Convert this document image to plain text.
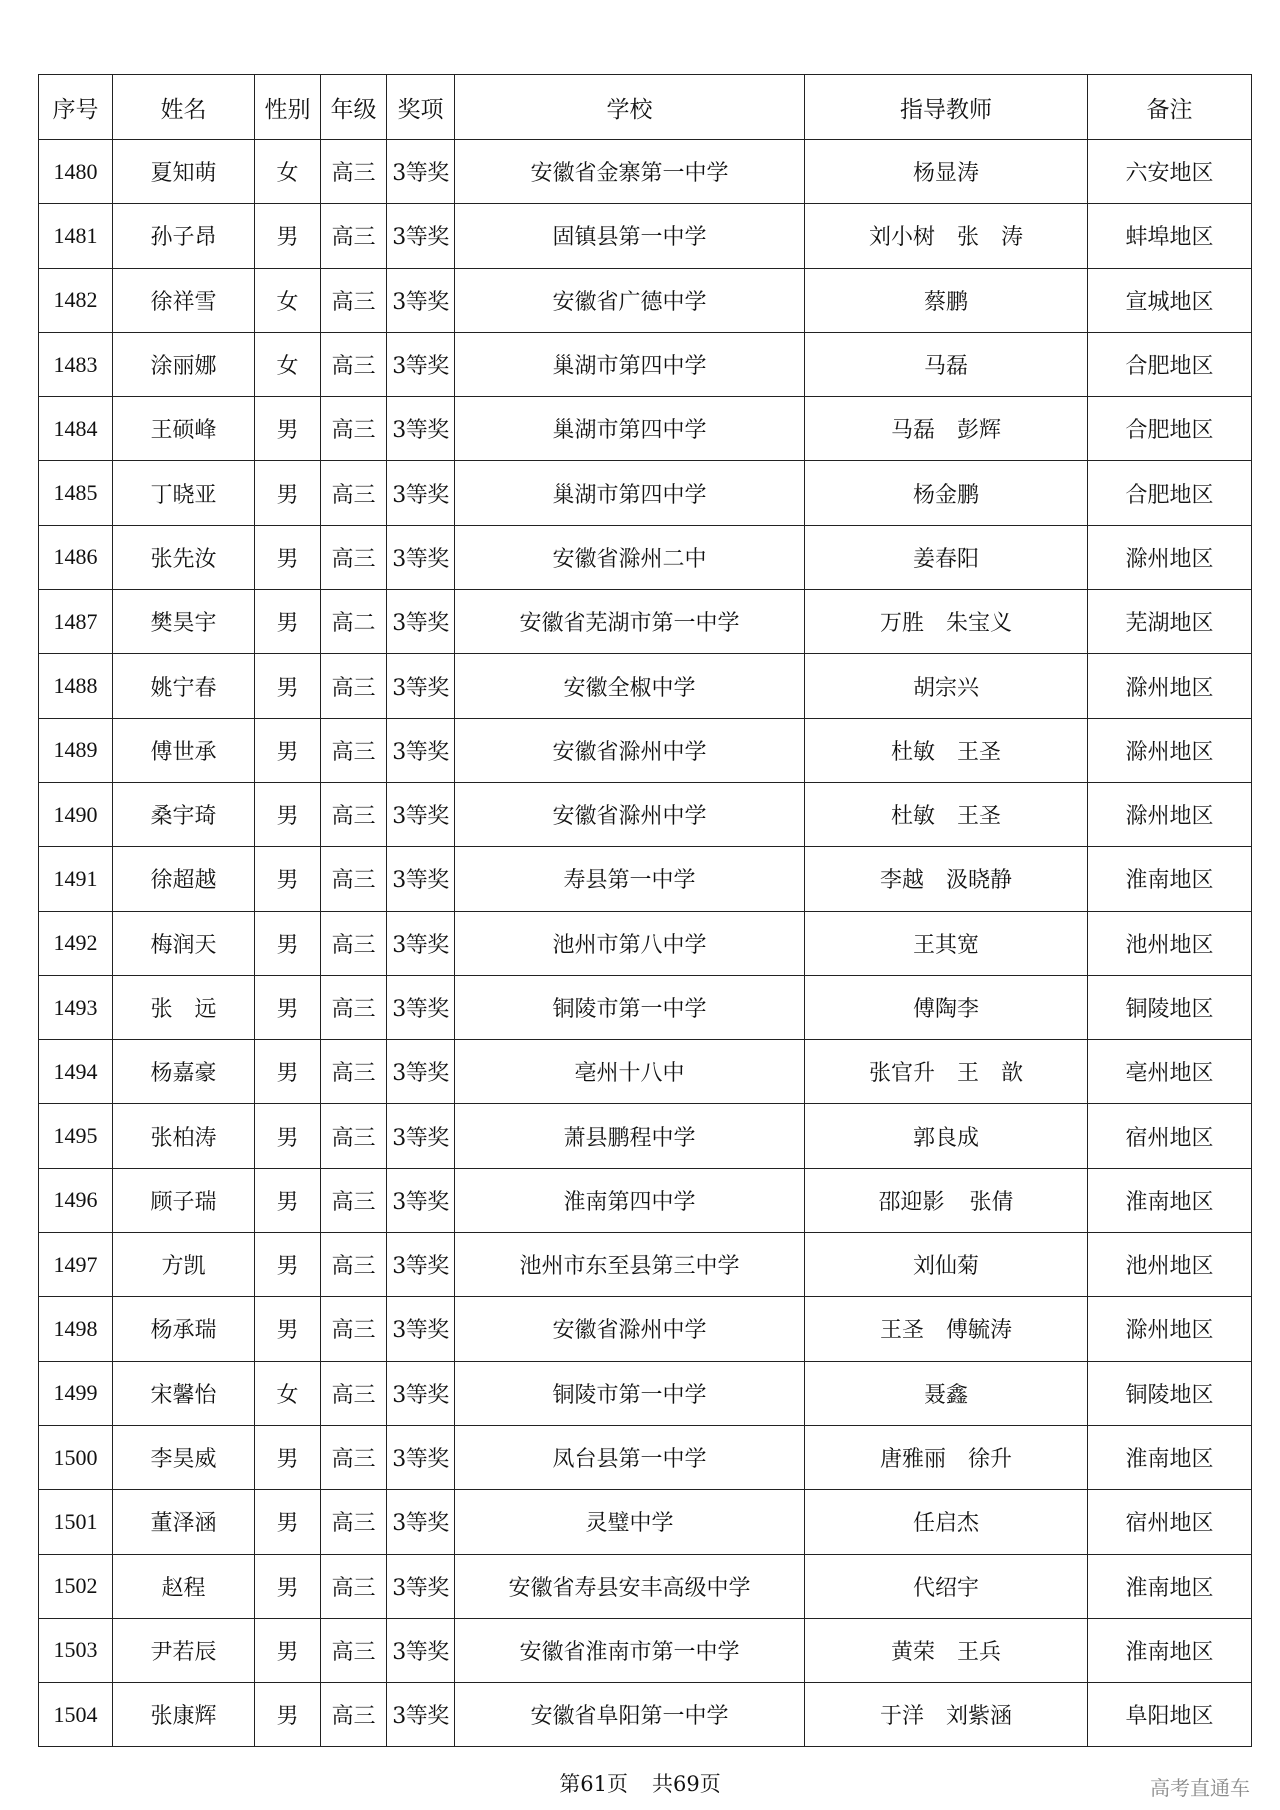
序号	姓名	性别	年级	奖项	学校	指导教师	备注
1480	夏知萌	女	高三	3等奖	安徽省金寨第一中学	杨显涛	六安地区
1481	孙子昂	男	高三	3等奖	固镇县第一中学	刘小树　张　涛	蚌埠地区
1482	徐祥雪	女	高三	3等奖	安徽省广德中学	蔡鹏	宣城地区
1483	涂丽娜	女	高三	3等奖	巢湖市第四中学	马磊	合肥地区
1484	王硕峰	男	高三	3等奖	巢湖市第四中学	马磊　彭辉	合肥地区
1485	丁晓亚	男	高三	3等奖	巢湖市第四中学	杨金鹏	合肥地区
1486	张先汝	男	高三	3等奖	安徽省滁州二中	姜春阳	滁州地区
1487	樊昊宇	男	高二	3等奖	安徽省芜湖市第一中学	万胜　朱宝义	芜湖地区
1488	姚宁春	男	高三	3等奖	安徽全椒中学	胡宗兴	滁州地区
1489	傅世承	男	高三	3等奖	安徽省滁州中学	杜敏　王圣	滁州地区
1490	桑宇琦	男	高三	3等奖	安徽省滁州中学	杜敏　王圣	滁州地区
1491	徐超越	男	高三	3等奖	寿县第一中学	李越　汲晓静	淮南地区
1492	梅润天	男	高三	3等奖	池州市第八中学	王其宽	池州地区
1493	张　远	男	高三	3等奖	铜陵市第一中学	傅陶李	铜陵地区
1494	杨嘉豪	男	高三	3等奖	亳州十八中	张官升　王　歆	亳州地区
1495	张柏涛	男	高三	3等奖	萧县鹏程中学	郭良成	宿州地区
1496	顾子瑞	男	高三	3等奖	淮南第四中学	邵迎影 张倩	淮南地区
1497	方凯	男	高三	3等奖	池州市东至县第三中学	刘仙菊	池州地区
1498	杨承瑞	男	高三	3等奖	安徽省滁州中学	王圣　傅毓涛	滁州地区
1499	宋馨怡	女	高三	3等奖	铜陵市第一中学	聂鑫	铜陵地区
1500	李昊威	男	高三	3等奖	凤台县第一中学	唐雅丽　徐升	淮南地区
1501	董泽涵	男	高三	3等奖	灵璧中学	任启杰	宿州地区
1502	赵程	男	高三	3等奖	安徽省寿县安丰高级中学	代绍宇	淮南地区
1503	尹若辰	男	高三	3等奖	安徽省淮南市第一中学	黄荣　王兵	淮南地区
1504	张康辉	男	高三	3等奖	安徽省阜阳第一中学	于洋　刘紫涵	阜阳地区
第61页 共69页	高考直通车
